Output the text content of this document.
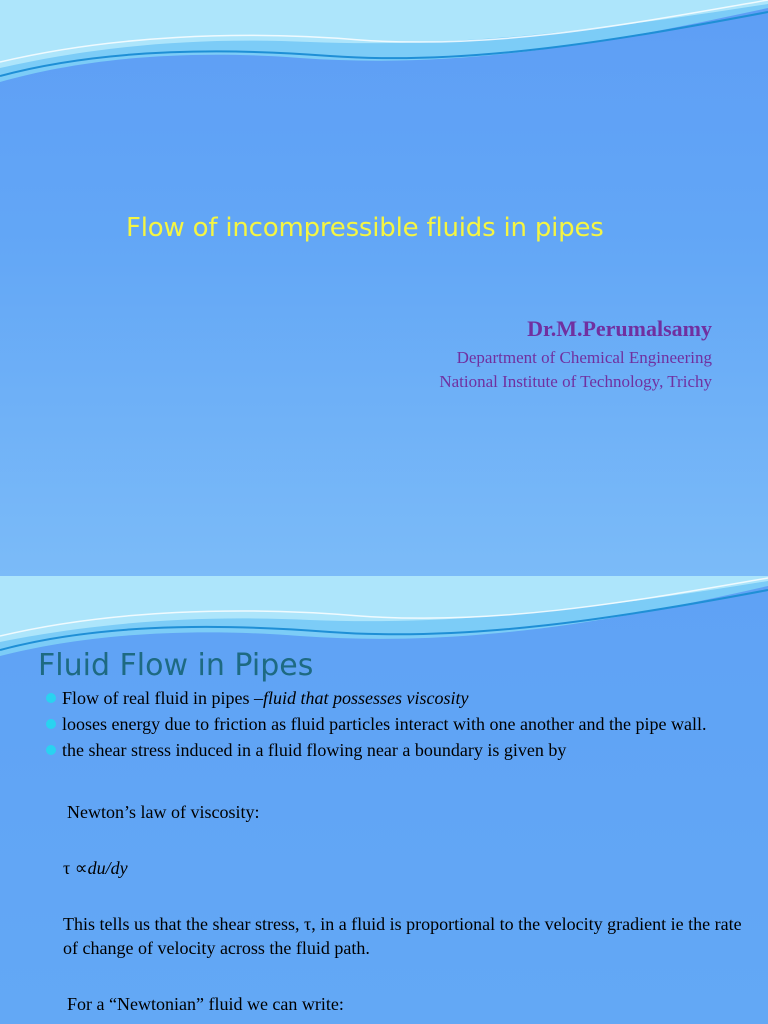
Flow of incompressible fluids in pipes
Dr.M.Perumalsamy
Department of Chemical Engineering
National Institute of Technology, Trichy
Fluid Flow in Pipes
Flow of real fluid in pipes –fluid that possesses viscosity
looses energy due to friction as fluid particles interact with one another and the pipe wall.
the shear stress induced in a fluid flowing near a boundary is given by
Newton’s law of viscosity:
τ ∝du/dy
This tells us that the shear stress, τ, in a fluid is proportional to the velocity gradient ie the rate of change of velocity across the fluid path.
For a “Newtonian” fluid we can write:
